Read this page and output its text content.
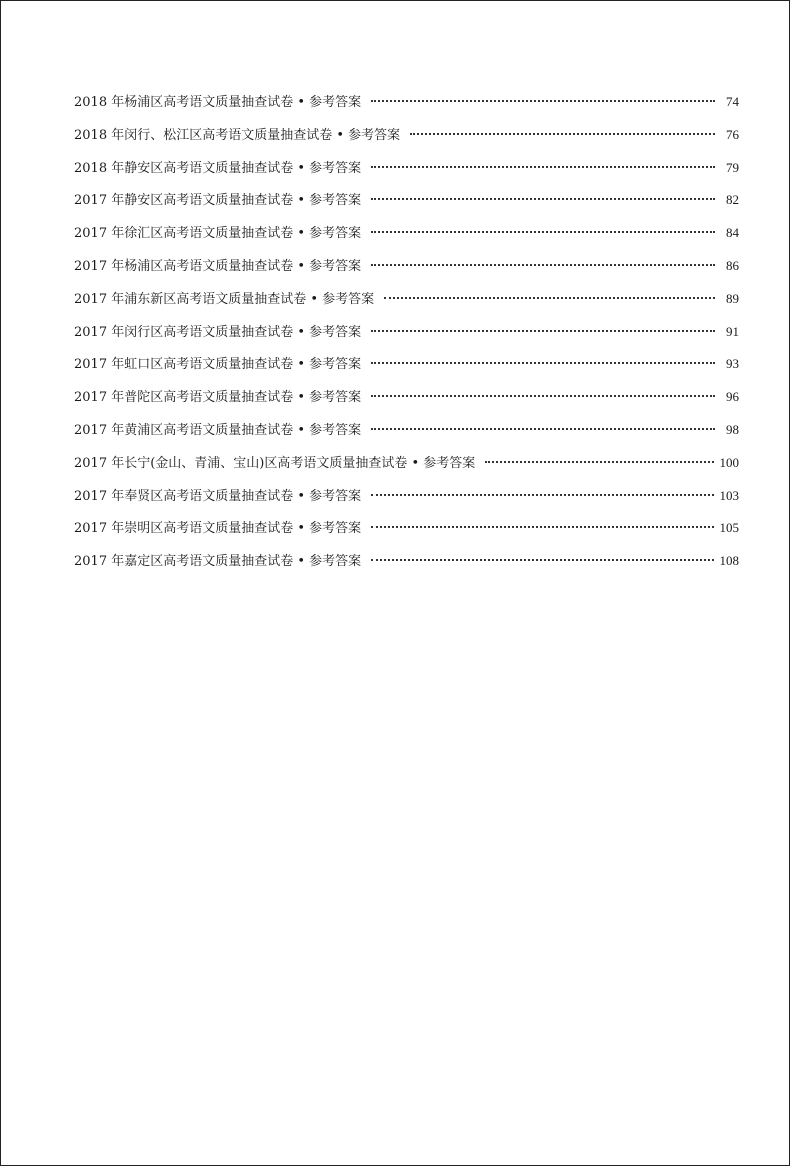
2018 年杨浦区高考语文质量抽查试卷 • 参考答案	74
2018 年闵行、松江区高考语文质量抽查试卷 • 参考答案	76
2018 年静安区高考语文质量抽查试卷 • 参考答案	79
2017 年静安区高考语文质量抽查试卷 • 参考答案	82
2017 年徐汇区高考语文质量抽查试卷 • 参考答案	84
2017 年杨浦区高考语文质量抽查试卷 • 参考答案	86
2017 年浦东新区高考语文质量抽查试卷 • 参考答案	89
2017 年闵行区高考语文质量抽查试卷 • 参考答案	91
2017 年虹口区高考语文质量抽查试卷 • 参考答案	93
2017 年普陀区高考语文质量抽查试卷 • 参考答案	96
2017 年黄浦区高考语文质量抽查试卷 • 参考答案	98
2017 年长宁(金山、青浦、宝山)区高考语文质量抽查试卷 • 参考答案	100
2017 年奉贤区高考语文质量抽查试卷 • 参考答案	103
2017 年崇明区高考语文质量抽查试卷 • 参考答案	105
2017 年嘉定区高考语文质量抽查试卷 • 参考答案	108
